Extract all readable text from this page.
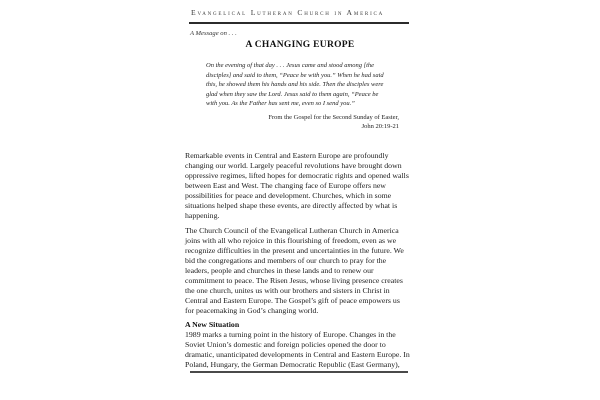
Evangelical Lutheran Church in America
A Message on . . .
A CHANGING EUROPE
On the evening of that day . . . Jesus came and stood among [the
disciples] and said to them, “Peace be with you.” When he had said
this, he showed them his hands and his side. Then the disciples were
glad when they saw the Lord. Jesus said to them again, “Peace be
with you. As the Father has sent me, even so I send you.”
From the Gospel for the Second Sunday of Easter,
John 20:19-21
Remarkable events in Central and Eastern Europe are profoundly
changing our world. Largely peaceful revolutions have brought down
oppressive regimes, lifted hopes for democratic rights and opened walls
between East and West. The changing face of Europe offers new
possibilities for peace and development. Churches, which in some
situations helped shape these events, are directly affected by what is
happening.
The Church Council of the Evangelical Lutheran Church in America
joins with all who rejoice in this flourishing of freedom, even as we
recognize difficulties in the present and uncertainties in the future. We
bid the congregations and members of our church to pray for the
leaders, people and churches in these lands and to renew our
commitment to peace. The Risen Jesus, whose living presence creates
the one church, unites us with our brothers and sisters in Christ in
Central and Eastern Europe. The Gospel’s gift of peace empowers us
for peacemaking in God’s changing world.
A New Situation
1989 marks a turning point in the history of Europe. Changes in the
Soviet Union’s domestic and foreign policies opened the door to
dramatic, unanticipated developments in Central and Eastern Europe. In
Poland, Hungary, the German Democratic Republic (East Germany),
